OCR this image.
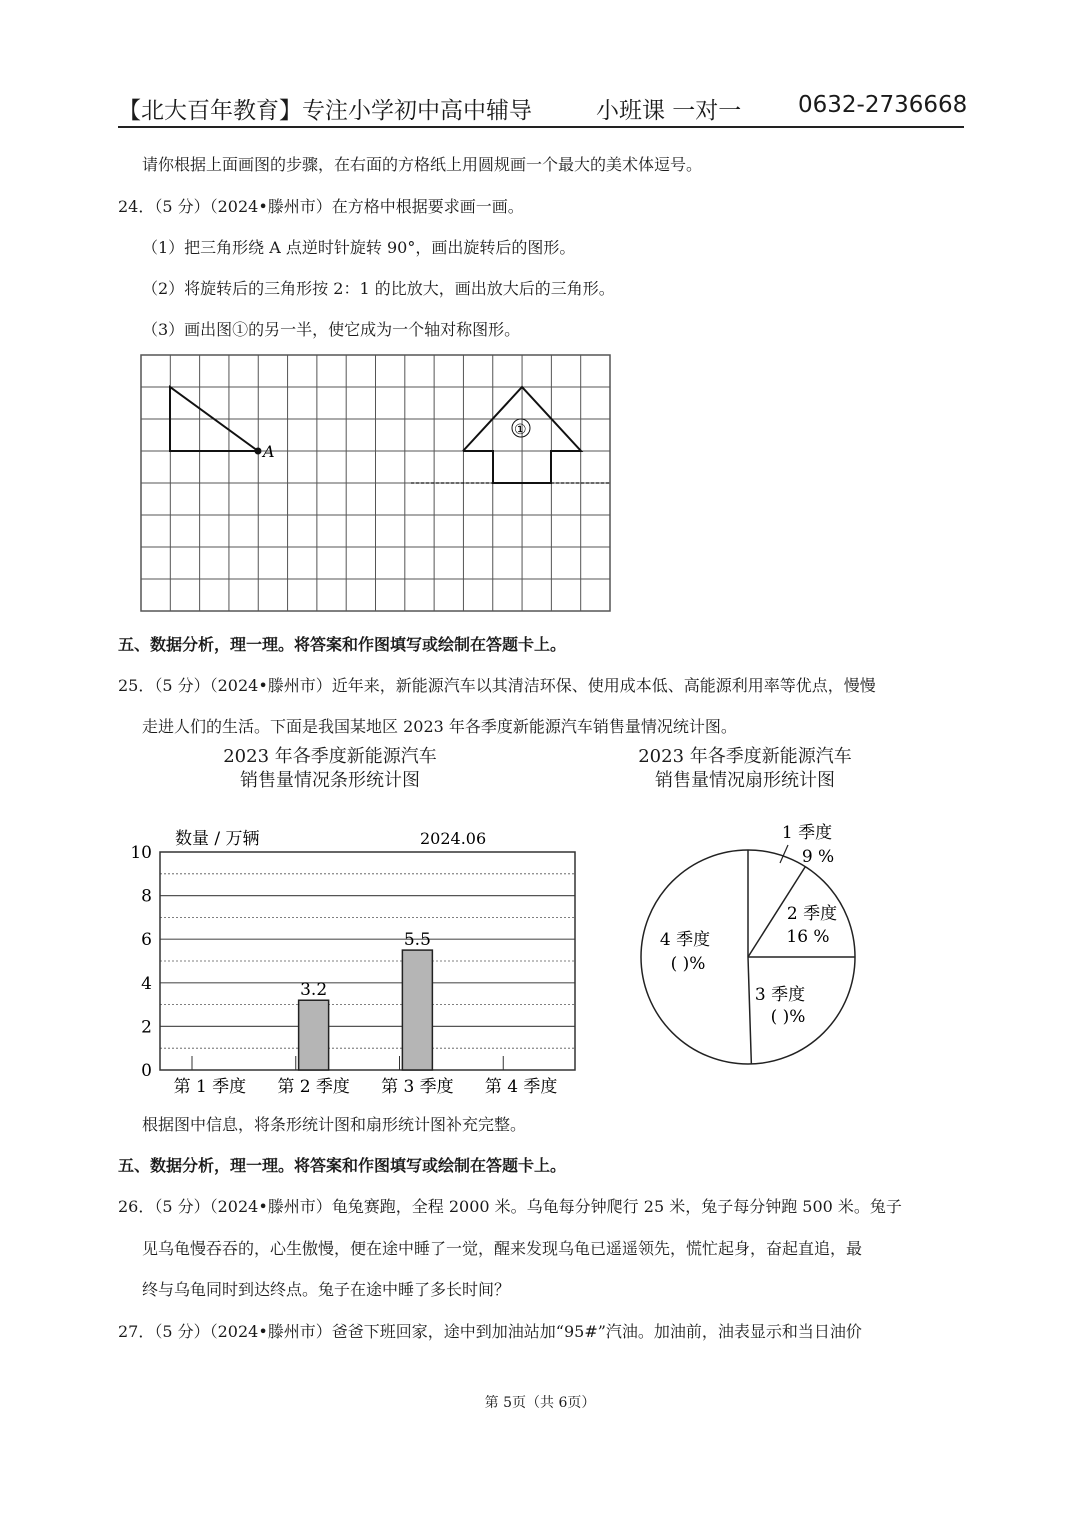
【北大百年教育】专注小学初中高中辅导	小班课 一对一 0632-2736668
请你根据上面画图的步骤，在右面的方格纸上用圆规画一个最大的美术体逗号。
24．（5 分）（2024•滕州市）在方格中根据要求画一画。
（1）把三角形绕 A 点逆时针旋转 90°，画出旋转后的图形。
（2）将旋转后的三角形按 2：1 的比放大，画出放大后的三角形。
（3）画出图①的另一半，使它成为一个轴对称图形。
A
①
五、数据分析，理一理。将答案和作图填写或绘制在答题卡上。
25．（5 分）（2024•滕州市）近年来，新能源汽车以其清洁环保、使用成本低、高能源利用率等优点，慢慢
走进人们的生活。下面是我国某地区 2023 年各季度新能源汽车销售量情况统计图。
2023 年各季度新能源汽车
销售量情况条形统计图
2023 年各季度新能源汽车
销售量情况扇形统计图
数量 / 万辆	2024.06
0
2
4
6
8
10
第 1 季度 第 2 季度
3.2
第 3 季度
5.5
第 4 季度
1 季度
9 %
2 季度
16 %
3 季度
( )%
4 季度
( )%
根据图中信息，将条形统计图和扇形统计图补充完整。
五、数据分析，理一理。将答案和作图填写或绘制在答题卡上。
26．（5 分）（2024•滕州市）龟兔赛跑，全程 2000 米。乌龟每分钟爬行 25 米，兔子每分钟跑 500 米。兔子
见乌龟慢吞吞的，心生傲慢，便在途中睡了一觉，醒来发现乌龟已遥遥领先，慌忙起身，奋起直追，最
终与乌龟同时到达终点。兔子在途中睡了多长时间？
27．（5 分）（2024•滕州市）爸爸下班回家，途中到加油站加“95#”汽油。加油前，油表显示和当日油价
第 5页（共 6页）
